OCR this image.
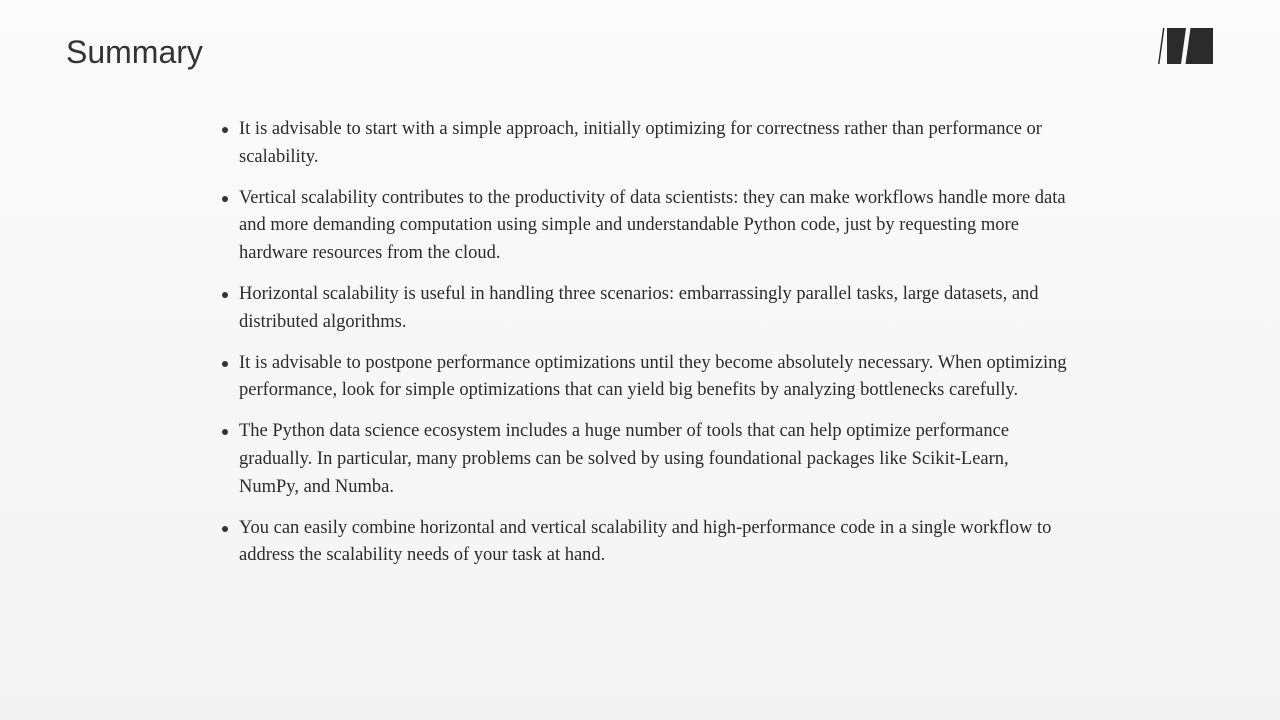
Summary
It is advisable to start with a simple approach, initially optimizing for correctness rather than performance or scalability.
Vertical scalability contributes to the productivity of data scientists: they can make workflows handle more data and more demanding computation using simple and understandable Python code, just by requesting more hardware resources from the cloud.
Horizontal scalability is useful in handling three scenarios: embarrassingly parallel tasks, large datasets, and distributed algorithms.
It is advisable to postpone performance optimizations until they become absolutely necessary. When optimizing performance, look for simple optimizations that can yield big benefits by analyzing bottlenecks carefully.
The Python data science ecosystem includes a huge number of tools that can help optimize performance gradually. In particular, many problems can be solved by using foundational packages like Scikit-Learn, NumPy, and Numba.
You can easily combine horizontal and vertical scalability and high-performance code in a single workflow to address the scalability needs of your task at hand.
